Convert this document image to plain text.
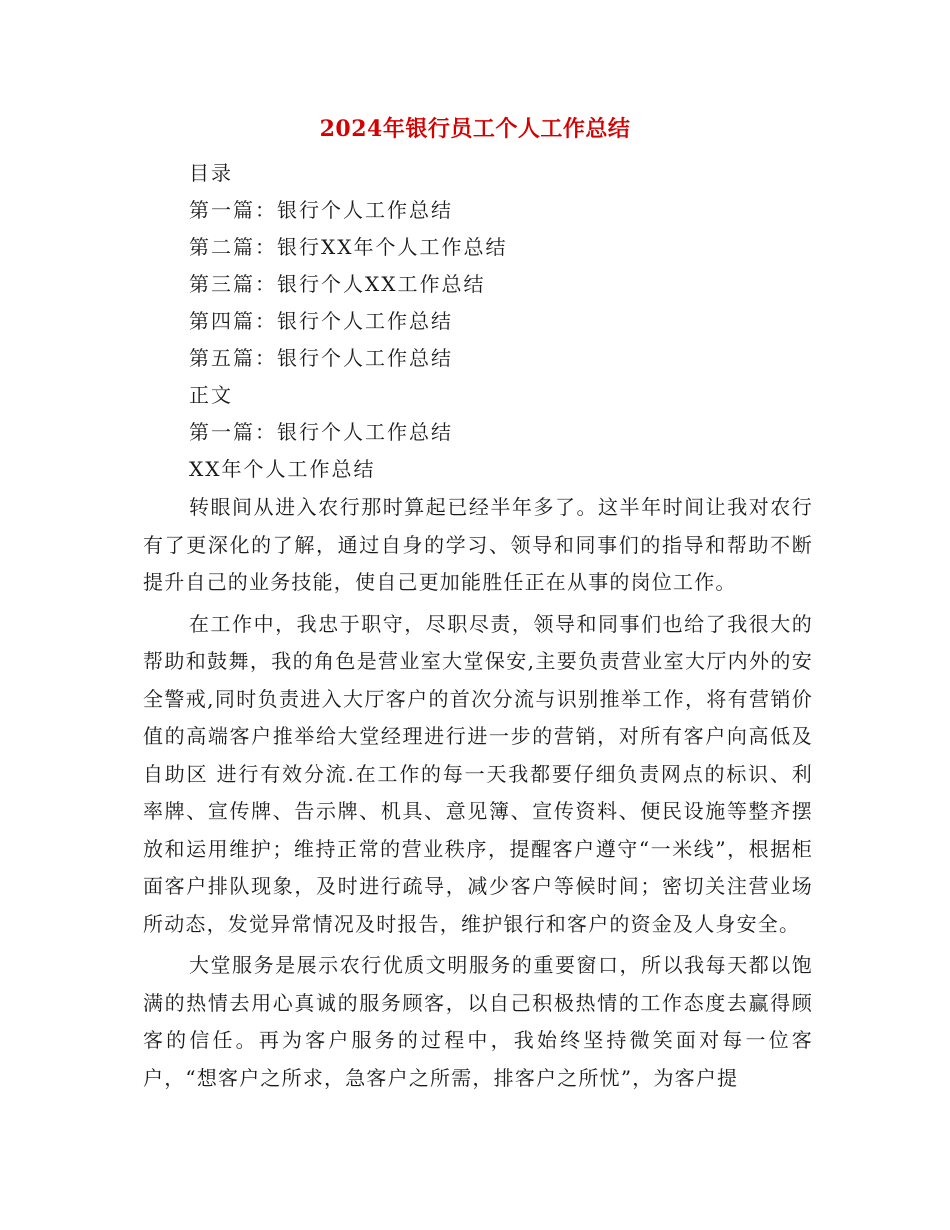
2024年银行员工个人工作总结
目录
第一篇：银行个人工作总结
第二篇：银行XX年个人工作总结
第三篇：银行个人XX工作总结
第四篇：银行个人工作总结
第五篇：银行个人工作总结
正文
第一篇：银行个人工作总结
XX年个人工作总结

转眼间从进入农行那时算起已经半年多了。这半年时间让我对农行有了更深化的了解，通过自身的学习、领导和同事们的指导和帮助不断提升自己的业务技能，使自己更加能胜任正在从事的岗位工作。

在工作中，我忠于职守，尽职尽责，领导和同事们也给了我很大的帮助和鼓舞，我的角色是营业室大堂保安,主要负责营业室大厅内外的安全警戒,同时负责进入大厅客户的首次分流与识别推举工作，将有营销价值的高端客户推举给大堂经理进行进一步的营销，对所有客户向高低及自助区 进行有效分流.在工作的每一天我都要仔细负责网点的标识、利率牌、宣传牌、告示牌、机具、意见簿、宣传资料、便民设施等整齐摆放和运用维护；维持正常的营业秩序，提醒客户遵守“一米线”，根据柜面客户排队现象，及时进行疏导，减少客户等候时间；密切关注营业场所动态，发觉异常情况及时报告，维护银行和客户的资金及人身安全。

大堂服务是展示农行优质文明服务的重要窗口，所以我每天都以饱满的热情去用心真诚的服务顾客，以自己积极热情的工作态度去赢得顾客的信任。再为客户服务的过程中，我始终坚持微笑面对每一位客户，“想客户之所求，急客户之所需，排客户之所忧”，为客户提
